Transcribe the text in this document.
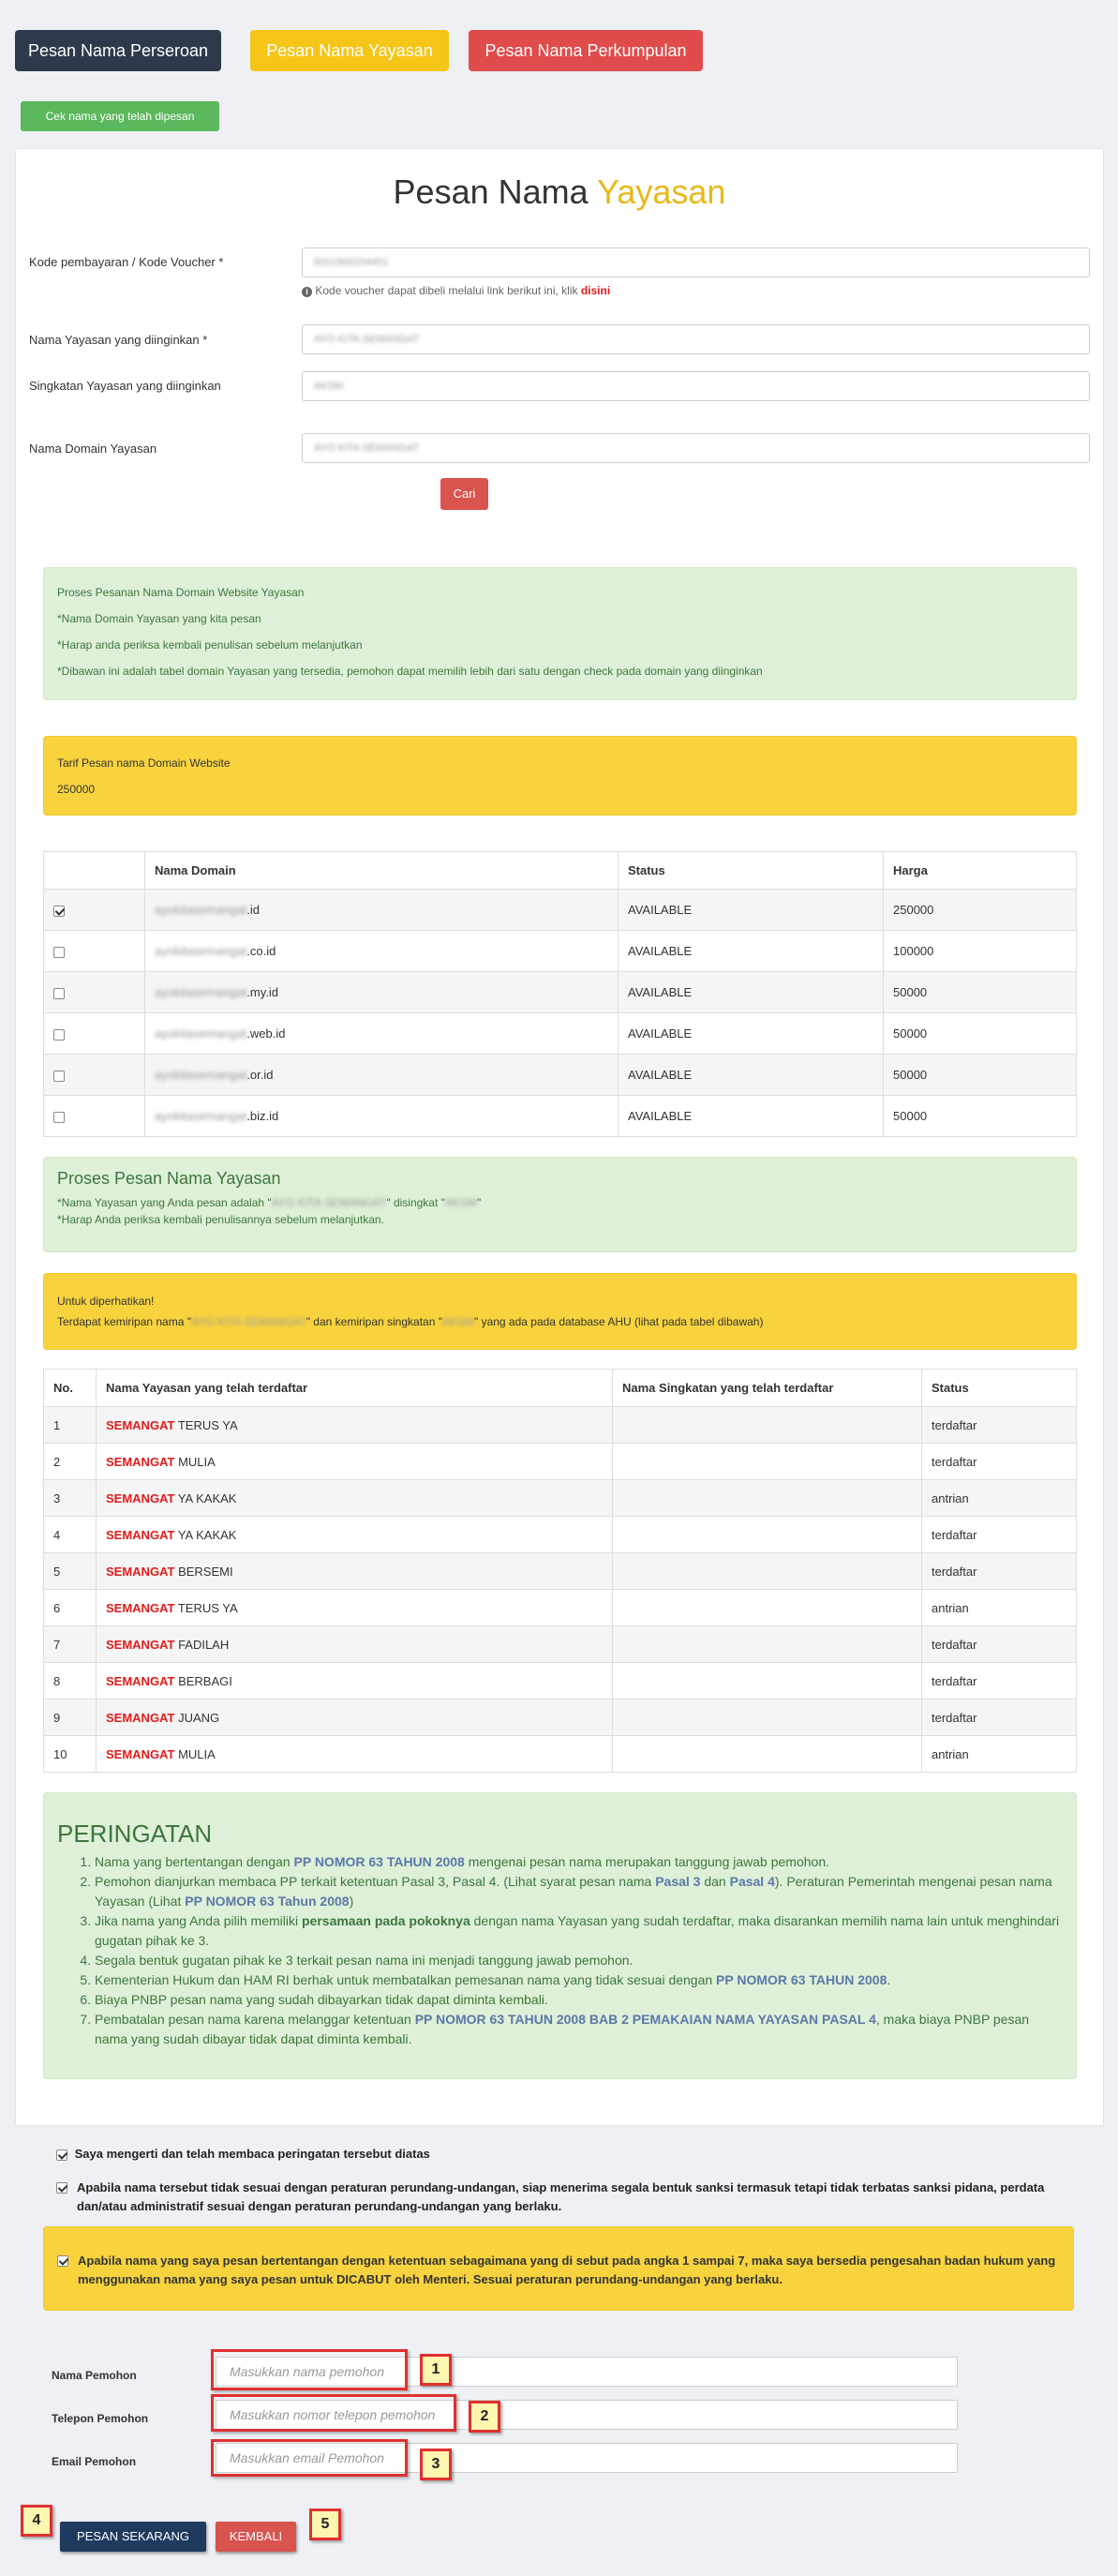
Pesan Nama Perseroan	Pesan Nama Yayasan	Pesan Nama Perkumpulan
Cek nama yang telah dipesan
Pesan Nama Yayasan
Kode pembayaran / Kode Voucher *	8201900204451
i Kode voucher dapat dibeli melalui link berikut ini, klik disini
Nama Yayasan yang diinginkan *	AYO KITA SEMANGAT
Singkatan Yayasan yang diinginkan	AKSM
Nama Domain Yayasan	AYO KITA SEMANGAT
Cari
Proses Pesanan Nama Domain Website Yayasan
*Nama Domain Yayasan yang kita pesan
*Harap anda periksa kembali penulisan sebelum melanjutkan
*Dibawan ini adalah tabel domain Yayasan yang tersedia, pemohon dapat memilih lebih dari satu dengan check pada domain yang diinginkan
Tarif Pesan nama Domain Website
250000
	Nama Domain	Status	Harga
	ayokitasemangat.id	AVAILABLE	250000
	ayokitasemangat.co.id	AVAILABLE	100000
	ayokitasemangat.my.id	AVAILABLE	50000
	ayokitasemangat.web.id	AVAILABLE	50000
	ayokitasemangat.or.id	AVAILABLE	50000
	ayokitasemangat.biz.id	AVAILABLE	50000
Proses Pesan Nama Yayasan
*Nama Yayasan yang Anda pesan adalah "AYO KITA SEMANGAT" disingkat "AKSM"
*Harap Anda periksa kembali penulisannya sebelum melanjutkan.
Untuk diperhatikan!
Terdapat kemiripan nama "AYO KITA SEMANGAT" dan kemiripan singkatan "AKSM" yang ada pada database AHU (lihat pada tabel dibawah)
No.	Nama Yayasan yang telah terdaftar	Nama Singkatan yang telah terdaftar	Status
1	SEMANGAT TERUS YA		terdaftar
2	SEMANGAT MULIA		terdaftar
3	SEMANGAT YA KAKAK		antrian
4	SEMANGAT YA KAKAK		terdaftar
5	SEMANGAT BERSEMI		terdaftar
6	SEMANGAT TERUS YA		antrian
7	SEMANGAT FADILAH		terdaftar
8	SEMANGAT BERBAGI		terdaftar
9	SEMANGAT JUANG		terdaftar
10	SEMANGAT MULIA		antrian
PERINGATAN
1. Nama yang bertentangan dengan PP NOMOR 63 TAHUN 2008 mengenai pesan nama merupakan tanggung jawab pemohon.
2. Pemohon dianjurkan membaca PP terkait ketentuan Pasal 3, Pasal 4. (Lihat syarat pesan nama Pasal 3 dan Pasal 4). Peraturan Pemerintah mengenai pesan nama Yayasan (Lihat PP NOMOR 63 Tahun 2008)
3. Jika nama yang Anda pilih memiliki persamaan pada pokoknya dengan nama Yayasan yang sudah terdaftar, maka disarankan memilih nama lain untuk menghindari gugatan pihak ke 3.
4. Segala bentuk gugatan pihak ke 3 terkait pesan nama ini menjadi tanggung jawab pemohon.
5. Kementerian Hukum dan HAM RI berhak untuk membatalkan pemesanan nama yang tidak sesuai dengan PP NOMOR 63 TAHUN 2008.
6. Biaya PNBP pesan nama yang sudah dibayarkan tidak dapat diminta kembali.
7. Pembatalan pesan nama karena melanggar ketentuan PP NOMOR 63 TAHUN 2008 BAB 2 PEMAKAIAN NAMA YAYASAN PASAL 4, maka biaya PNBP pesan nama yang sudah dibayar tidak dapat diminta kembali.
Saya mengerti dan telah membaca peringatan tersebut diatas
Apabila nama tersebut tidak sesuai dengan peraturan perundang-undangan, siap menerima segala bentuk sanksi termasuk tetapi tidak terbatas sanksi pidana, perdata dan/atau administratif sesuai dengan peraturan perundang-undangan yang berlaku.
Apabila nama yang saya pesan bertentangan dengan ketentuan sebagaimana yang di sebut pada angka 1 sampai 7, maka saya bersedia pengesahan badan hukum yang menggunakan nama yang saya pesan untuk DICABUT oleh Menteri. Sesuai peraturan perundang-undangan yang berlaku.
Nama Pemohon	Masukkan nama pemohon
Telepon Pemohon	Masukkan nomor telepon pemohon
Email Pemohon	Masukkan email Pemohon
PESAN SEKARANG	KEMBALI
1
2
3
4	5
